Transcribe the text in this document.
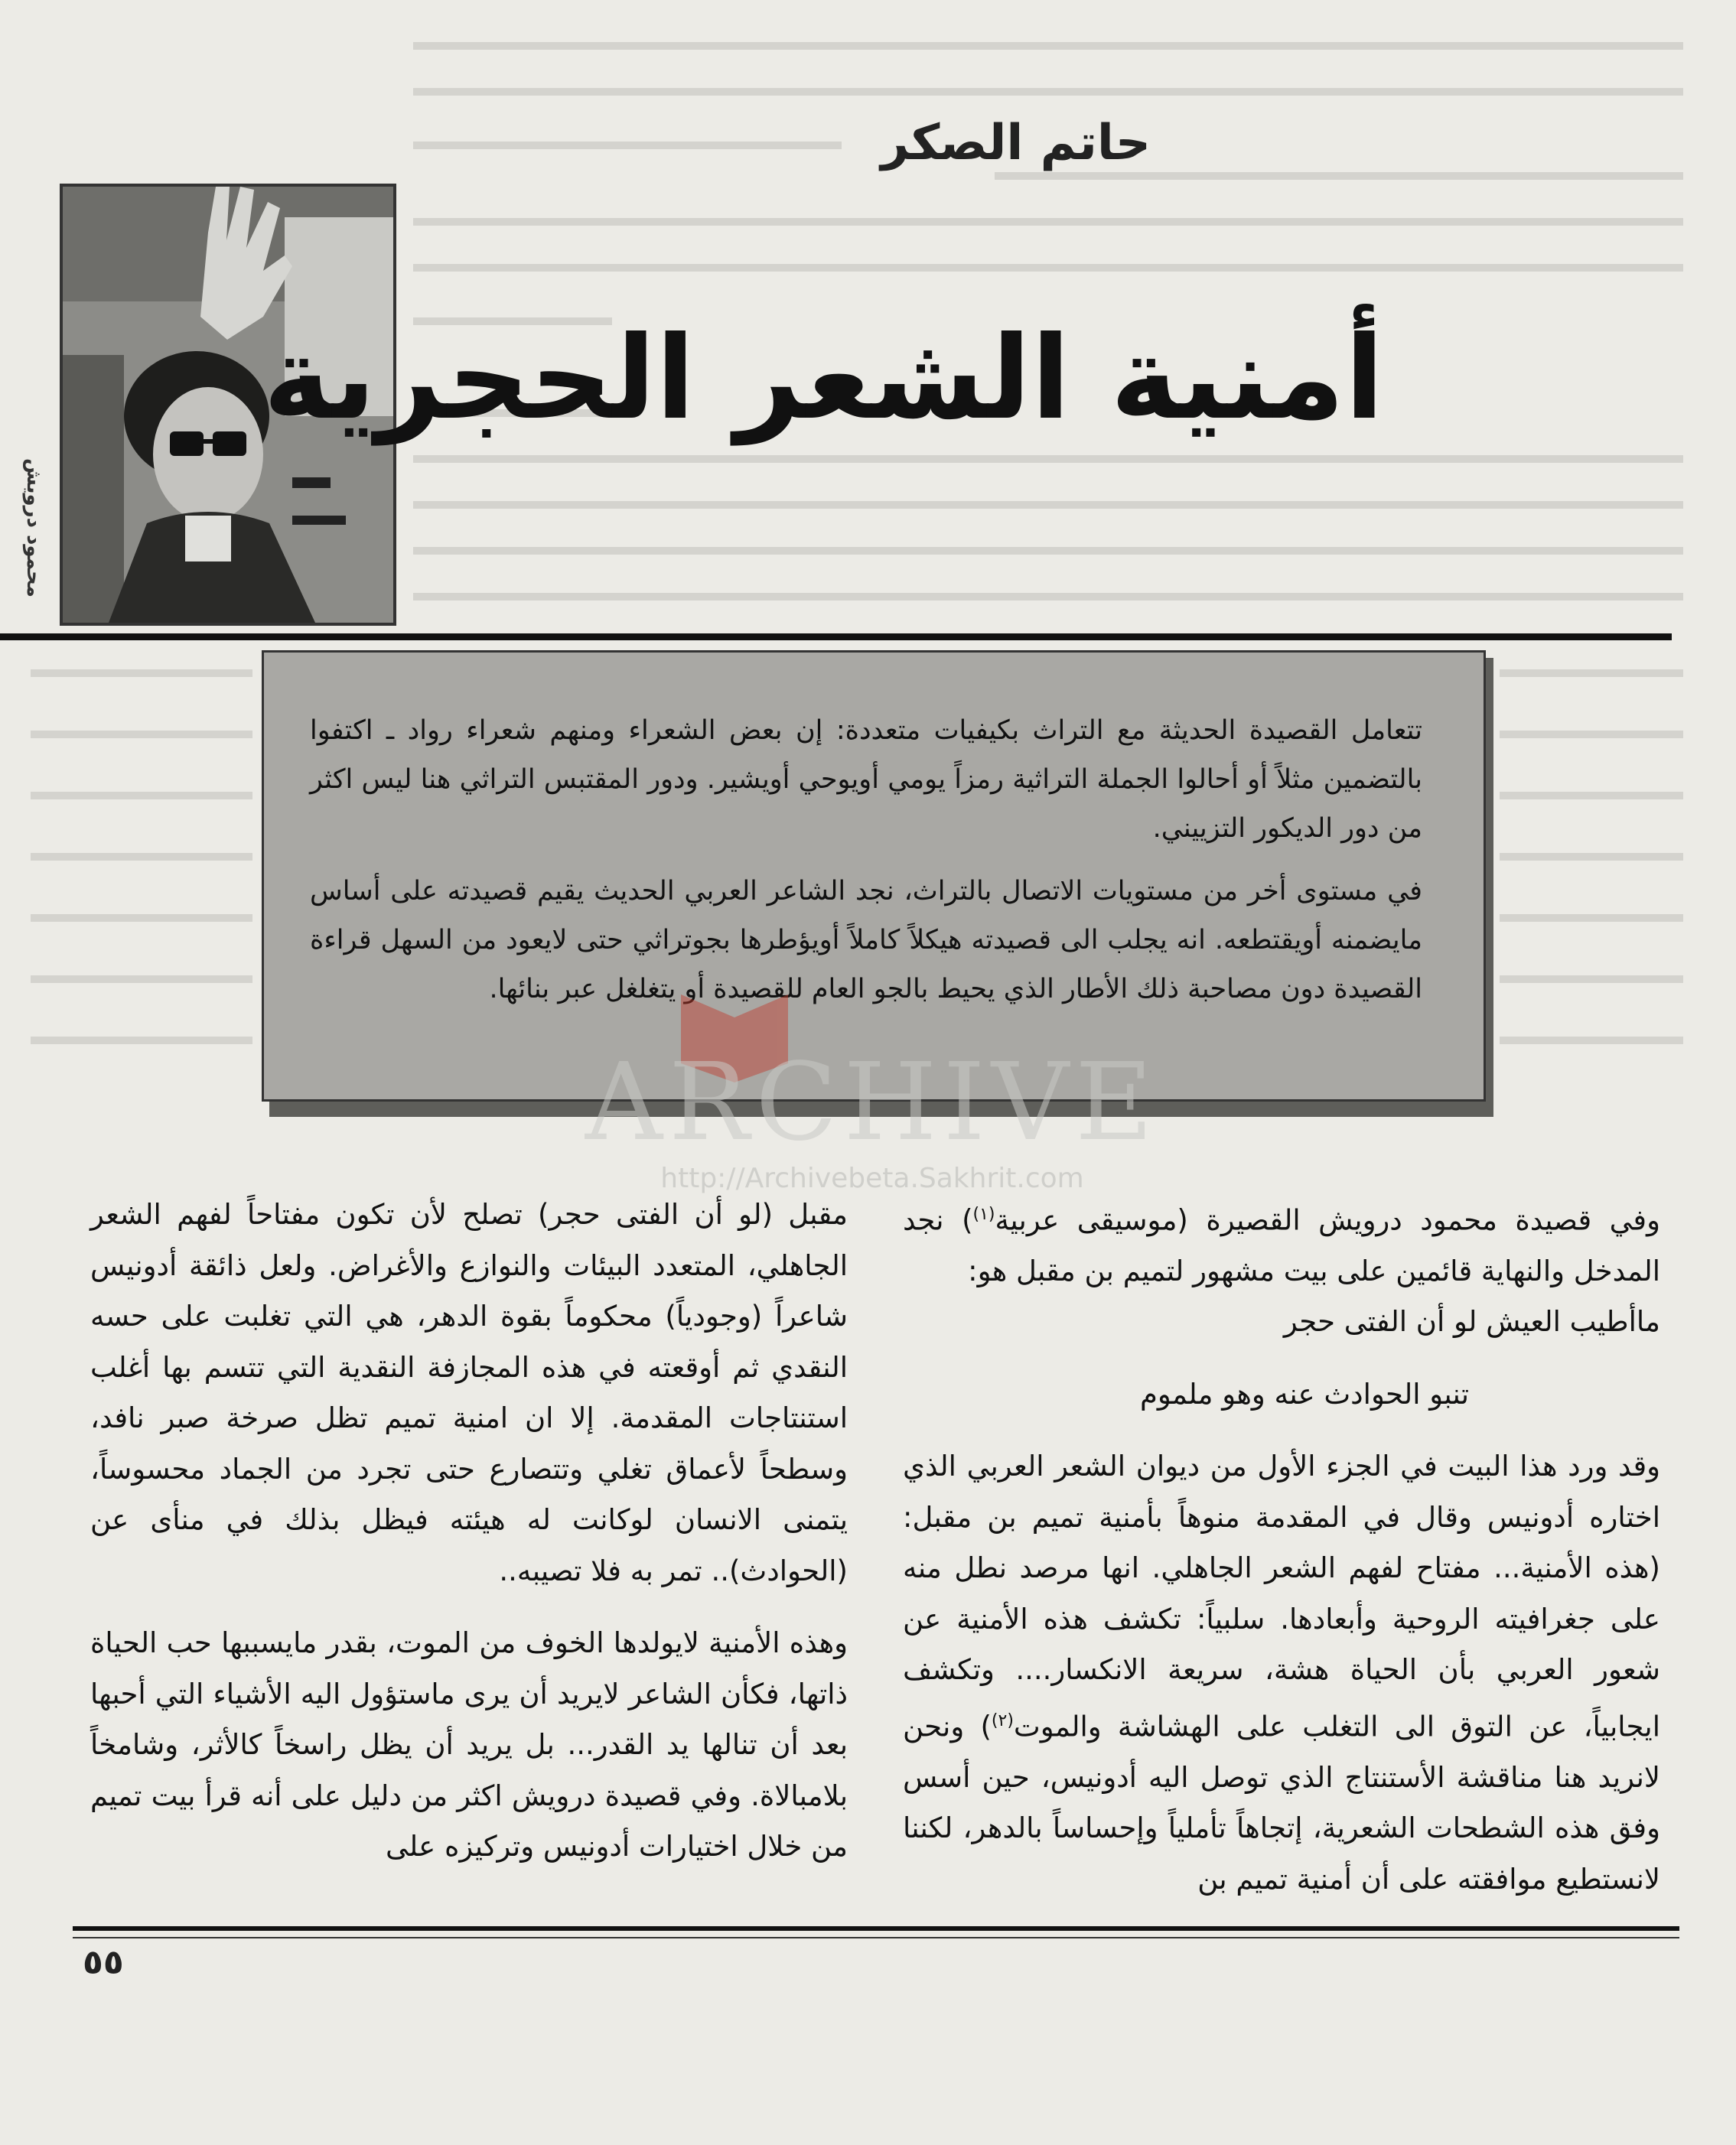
حاتم الصكر
محمود درويش
أمنية الشعر الحجرية

تتعامل القصيدة الحديثة مع التراث بكيفيات متعددة: إن بعض الشعراء ومنهم شعراء رواد ـ اكتفوا بالتضمين مثلاً أو أحالوا الجملة التراثية رمزاً يومي أويوحي أويشير. ودور المقتبس التراثي هنا ليس اكثر من دور الديكور التزييني.

في مستوى أخر من مستويات الاتصال بالتراث، نجد الشاعر العربي الحديث يقيم قصيدته على أساس مايضمنه أويقتطعه. انه يجلب الى قصيدته هيكلاً كاملاً أويؤطرها بجوتراثي حتى لايعود من السهل قراءة القصيدة دون مصاحبة ذلك الأطار الذي يحيط بالجو العام للقصيدة أو يتغلغل عبر بنائها.

وفي قصيدة محمود درويش القصيرة (موسيقى عربية$^{(١)}$) نجد المدخل والنهاية قائمين على بيت مشهور لتميم بن مقبل هو:

ماأطيب العيش لو أن الفتى حجر

تنبو الحوادث عنه وهو ملموم

وقد ورد هذا البيت في الجزء الأول من ديوان الشعر العربي الذي اختاره أدونيس وقال في المقدمة منوهاً بأمنية تميم بن مقبل: (هذه الأمنية... مفتاح لفهم الشعر الجاهلي. انها مرصد نطل منه على جغرافيته الروحية وأبعادها. سلبياً: تكشف هذه الأمنية عن شعور العربي بأن الحياة هشة، سريعة الانكسار.... وتكشف ايجابياً، عن التوق الى التغلب على الهشاشة والموت$^{(٢)}$) ونحن لانريد هنا مناقشة الأستنتاج الذي توصل اليه أدونيس، حين أسس وفق هذه الشطحات الشعرية، إتجاهاً تأملياً وإحساساً بالدهر، لكننا لانستطيع موافقته على أن أمنية تميم بن

مقبل (لو أن الفتى حجر) تصلح لأن تكون مفتاحاً لفهم الشعر الجاهلي، المتعدد البيئات والنوازع والأغراض. ولعل ذائقة أدونيس شاعراً (وجودياً) محكوماً بقوة الدهر، هي التي تغلبت على حسه النقدي ثم أوقعته في هذه المجازفة النقدية التي تتسم بها أغلب استنتاجات المقدمة. إلا ان امنية تميم تظل صرخة صبر نافد، وسطحاً لأعماق تغلي وتتصارع حتى تجرد من الجماد محسوساً، يتمنى الانسان لوكانت له هيئته فيظل بذلك في منأى عن (الحوادث).. تمر به فلا تصيبه..

وهذه الأمنية لايولدها الخوف من الموت، بقدر مايسببها حب الحياة ذاتها، فكأن الشاعر لايريد أن يرى ماستؤول اليه الأشياء التي أحبها بعد أن تنالها يد القدر... بل يريد أن يظل راسخاً كالأثر، وشامخاً بلامبالاة. وفي قصيدة درويش اكثر من دليل على أنه قرأ بيت تميم من خلال اختيارات أدونيس وتركيزه على

ARCHIVE
http://Archivebeta.Sakhrit.com
٥٥
